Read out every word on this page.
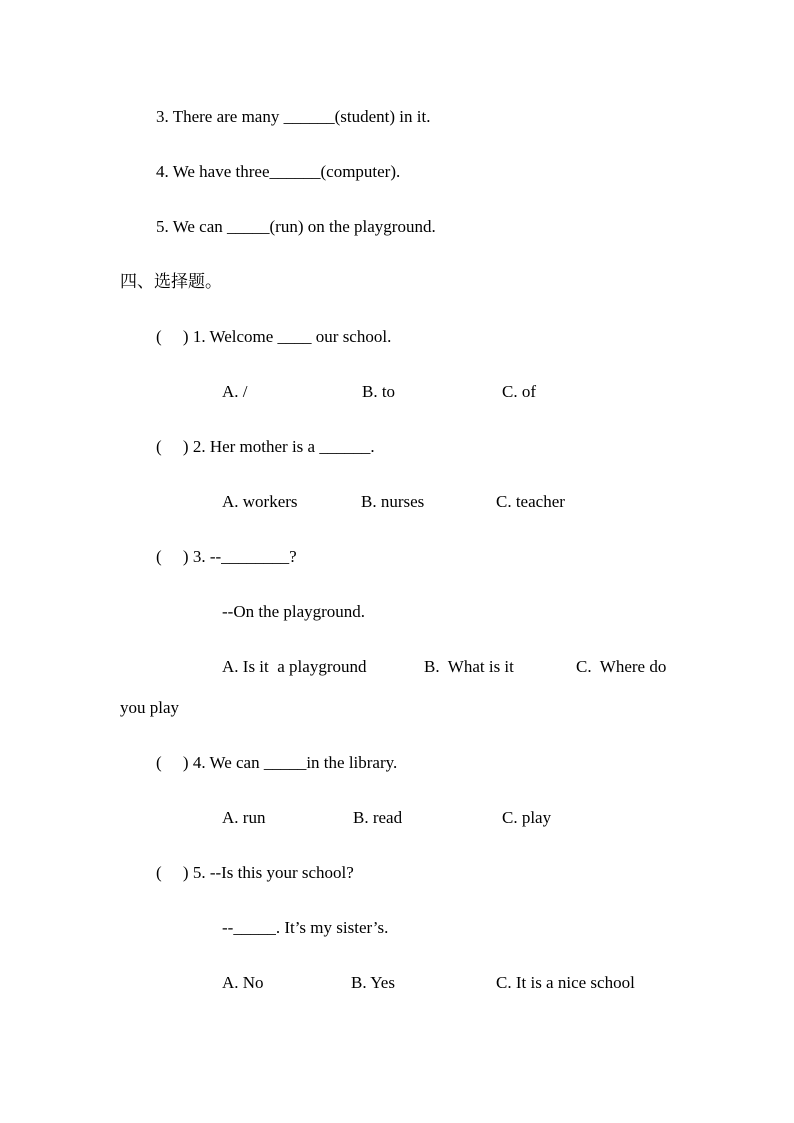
3. There are many ______(student) in it.
4. We have three______(computer).
5. We can _____(run) on the playground.
四、选择题。
(     ) 1. Welcome ____ our school.
A. /	B. to	C. of
(     ) 2. Her mother is a ______.
A. workers	B. nurses	C. teacher
(     ) 3. --________?
--On the playground.
A. Is it  a playground	B.  What is it	C.  Where do
you play
(     ) 4. We can _____in the library.
A. run	B. read	C. play
(     ) 5. --Is this your school?
--_____. It’s my sister’s.
A. No	B. Yes	C. It is a nice school
